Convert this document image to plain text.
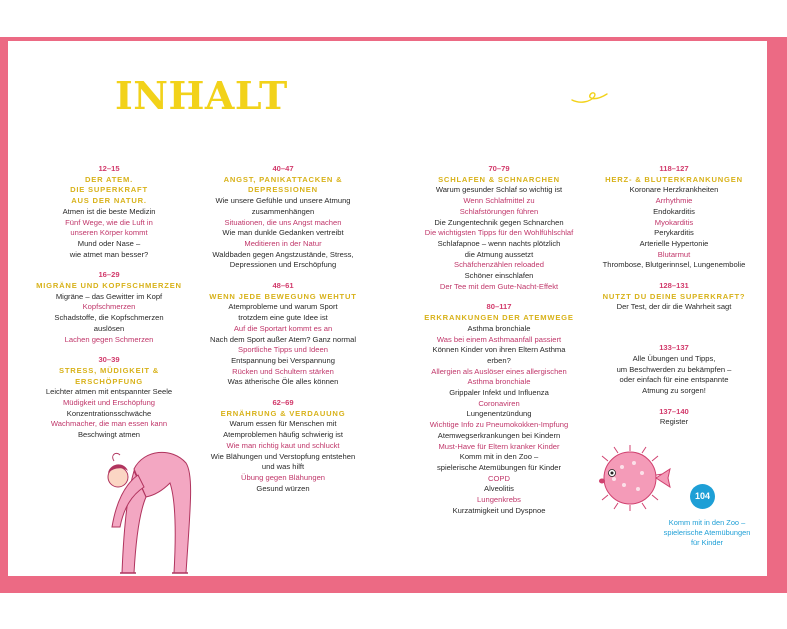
INHALT
12–15
DER ATEM.
DIE SUPERKRAFT
AUS DER NATUR.
Atmen ist die beste Medizin
Fünf Wege, wie die Luft in
unseren Körper kommt
Mund oder Nase –
wie atmet man besser?
16–29
MIGRÄNE UND KOPFSCHMERZEN
Migräne – das Gewitter im Kopf
Kopfschmerzen
Schadstoffe, die Kopfschmerzen
auslösen
Lachen gegen Schmerzen
30–39
STRESS, MÜDIGKEIT &
ERSCHÖPFUNG
Leichter atmen mit entspannter Seele
Müdigkeit und Erschöpfung
Konzentrationsschwäche
Wachmacher, die man essen kann
Beschwingt atmen
40–47
ANGST, PANIKATTACKEN &
DEPRESSIONEN
Wie unsere Gefühle und unsere Atmung
zusammenhängen
Situationen, die uns Angst machen
Wie man dunkle Gedanken vertreibt
Meditieren in der Natur
Waldbaden gegen Angstzustände, Stress,
Depressionen und Erschöpfung
48–61
WENN JEDE BEWEGUNG WEHTUT
Atemprobleme und warum Sport
trotzdem eine gute Idee ist
Auf die Sportart kommt es an
Nach dem Sport außer Atem? Ganz normal
Sportliche Tipps und Ideen
Entspannung bei Verspannung
Rücken und Schultern stärken
Was ätherische Öle alles können
62–69
ERNÄHRUNG & VERDAUUNG
Warum essen für Menschen mit
Atemproblemen häufig schwierig ist
Wie man richtig kaut und schluckt
Wie Blähungen und Verstopfung entstehen
und was hilft
Übung gegen Blähungen
Gesund würzen
70–79
SCHLAFEN & SCHNARCHEN
Warum gesunder Schlaf so wichtig ist
Wenn Schlafmittel zu
Schlafstörungen führen
Die Zungentechnik gegen Schnarchen
Die wichtigsten Tipps für den Wohlfühlschlaf
Schlafapnoe – wenn nachts plötzlich
die Atmung aussetzt
Schäfchenzählen reloaded
Schöner einschlafen
Der Tee mit dem Gute-Nacht-Effekt
80–117
ERKRANKUNGEN DER ATEMWEGE
Asthma bronchiale
Was bei einem Asthmaanfall passiert
Können Kinder von ihren Eltern Asthma
erben?
Allergien als Auslöser eines allergischen
Asthma bronchiale
Grippaler Infekt und Influenza
Coronaviren
Lungenentzündung
Wichtige Info zu Pneumokokken-Impfung
Atemwegserkrankungen bei Kindern
Must-Have für Eltern kranker Kinder
Komm mit in den Zoo –
spielerische Atemübungen für Kinder
COPD
Alveolitis
Lungenkrebs
Kurzatmigkeit und Dyspnoe
118–127
HERZ- & BLUTERKRANKUNGEN
Koronare Herzkrankheiten
Arrhythmie
Endokarditis
Myokarditis
Perykarditis
Arterielle Hypertonie
Blutarmut
Thrombose, Blutgerinnsel, Lungenembolie
128–131
NUTZT DU DEINE SUPERKRAFT?
Der Test, der dir die Wahrheit sagt
133–137
Alle Übungen und Tipps,
um Beschwerden zu bekämpfen –
oder einfach für eine entspannte
Atmung zu sorgen!
137–140
Register
104
Komm mit in den Zoo –
spielerische Atemübungen
für Kinder
